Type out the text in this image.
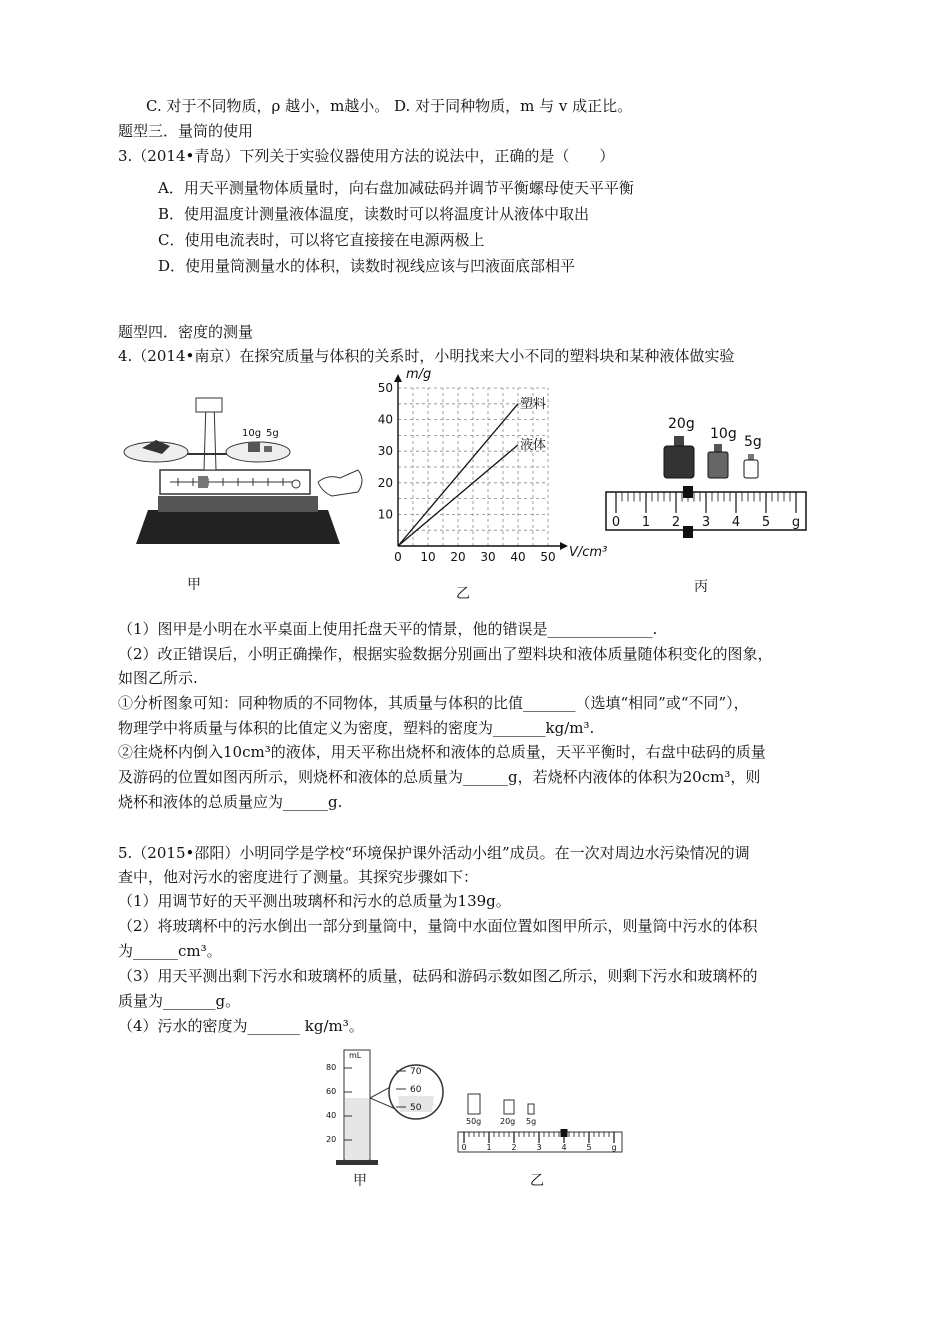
C. 对于不同物质，ρ 越小，m越小。 D. 对于同种物质，m 与 v 成正比。
题型三．量筒的使用
3.（2014•青岛）下列关于实验仪器使用方法的说法中，正确的是（　　）
A．用天平测量物体质量时，向右盘加减砝码并调节平衡螺母使天平平衡
B．使用温度计测量液体温度，读数时可以将温度计从液体中取出
C．使用电流表时，可以将它直接接在电源两极上
D．使用量筒测量水的体积，读数时视线应该与凹液面底部相平
题型四．密度的测量
4.（2014•南京）在探究质量与体积的关系时，小明找来大小不同的塑料块和某种液体做实验
10g 5g
甲
0 10 20 30 40 50
10
20
30
40
50
塑料
液体
m/g
V/cm³
乙
20g
10g 5g
0 1 2 3 4 5 g
丙
（1）图甲是小明在水平桌面上使用托盘天平的情景，他的错误是______________.
（2）改正错误后，小明正确操作，根据实验数据分别画出了塑料块和液体质量随体积变化的图象，
如图乙所示.
①分析图象可知：同种物质的不同物体，其质量与体积的比值_______（选填“相同”或“不同”），
物理学中将质量与体积的比值定义为密度，塑料的密度为_______kg/m³.
②往烧杯内倒入10cm³的液体，用天平称出烧杯和液体的总质量，天平平衡时，右盘中砝码的质量
及游码的位置如图丙所示，则烧杯和液体的总质量为______g，若烧杯内液体的体积为20cm³，则
烧杯和液体的总质量应为______g.
5.（2015•邵阳）小明同学是学校“环境保护课外活动小组”成员。在一次对周边水污染情况的调
查中，他对污水的密度进行了测量。其探究步骤如下：
（1）用调节好的天平测出玻璃杯和污水的总质量为139g。
（2）将玻璃杯中的污水倒出一部分到量筒中，量筒中水面位置如图甲所示，则量筒中污水的体积
为______cm³。
（3）用天平测出剩下污水和玻璃杯的质量，砝码和游码示数如图乙所示，则剩下污水和玻璃杯的
质量为_______g。
（4）污水的密度为_______ kg/m³。
mL
80
60
40
20
70
60
50
甲
50g 20g 5g
0 1 2 3 4 5 g
乙
